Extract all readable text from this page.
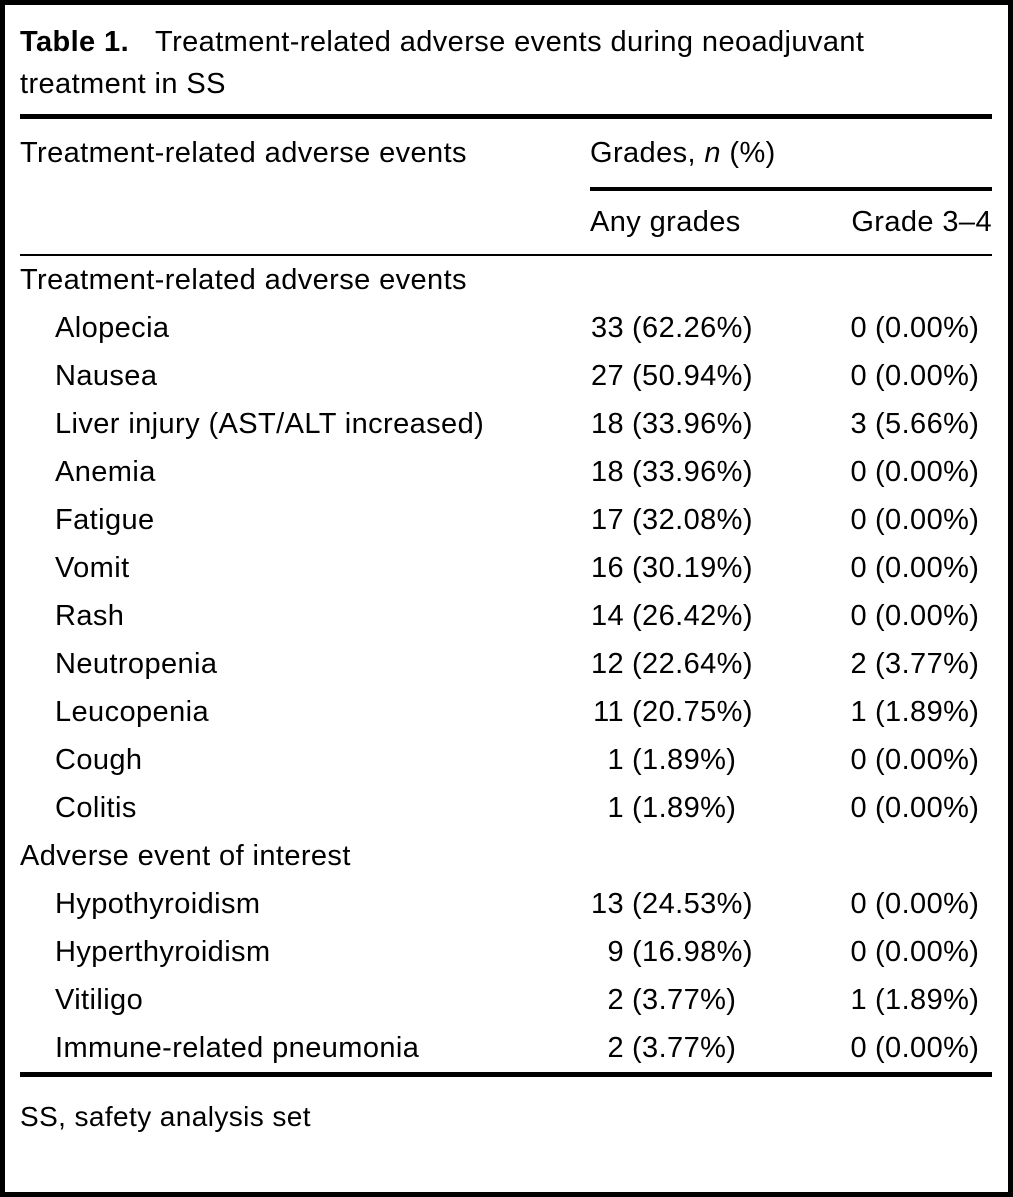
Table 1. Treatment-related adverse events during neoadjuvant treatment in SS
Treatment-related adverse events	Grades, n (%)
Any grades	Grade 3–4
Treatment-related adverse events
Alopecia	33 (62.26%)	0 (0.00%)
Nausea	27 (50.94%)	0 (0.00%)
Liver injury (AST/ALT increased)	18 (33.96%)	3 (5.66%)
Anemia	18 (33.96%)	0 (0.00%)
Fatigue	17 (32.08%)	0 (0.00%)
Vomit	16 (30.19%)	0 (0.00%)
Rash	14 (26.42%)	0 (0.00%)
Neutropenia	12 (22.64%)	2 (3.77%)
Leucopenia	11 (20.75%)	1 (1.89%)
Cough	1 (1.89%)	0 (0.00%)
Colitis	1 (1.89%)	0 (0.00%)
Adverse event of interest
Hypothyroidism	13 (24.53%)	0 (0.00%)
Hyperthyroidism	9 (16.98%)	0 (0.00%)
Vitiligo	2 (3.77%)	1 (1.89%)
Immune-related pneumonia	2 (3.77%)	0 (0.00%)
SS, safety analysis set
